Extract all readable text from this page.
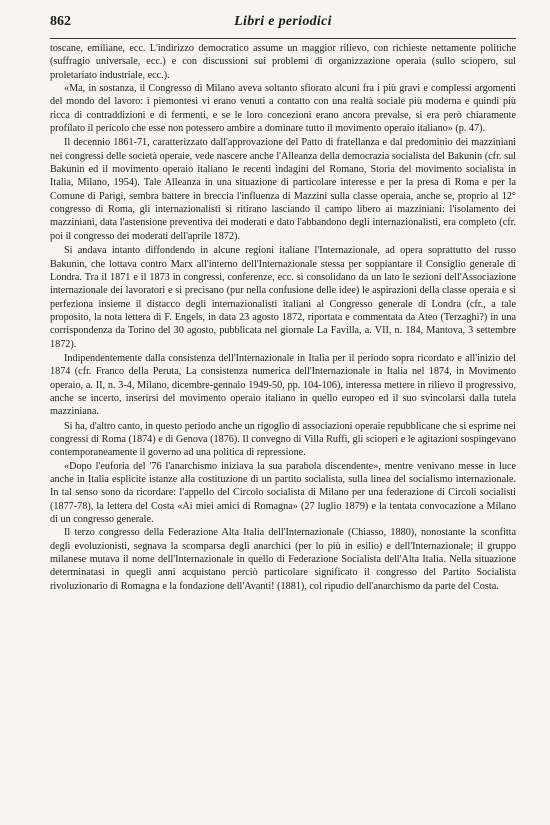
862	Libri e periodici

toscane, emiliane, ecc. L'indirizzo democratico assume un maggior rilievo, con richieste nettamente politiche (suffragio universale, ecc.) e con discussioni sui problemi di organizzazione operaia (sullo sciopero, sul proletariato industriale, ecc.).

«Ma, in sostanza, il Congresso di Milano aveva soltanto sfiorato alcuni fra i più gravi e complessi argomenti del mondo del lavoro: i piemontesi vi erano venuti a contatto con una realtà sociale più moderna e quindi più ricca di contraddizioni e di fermenti, e se le loro concezioni erano ancora prevalse, si era però chiaramente profilato il pericolo che esse non potessero ambire a dominare tutto il movimento operaio italiano» (p. 47).

Il decennio 1861-71, caratterizzato dall'approvazione del Patto di fratellanza e dal predominio dei mazziniani nei congressi delle società operaie, vede nascere anche l'Alleanza della democrazia socialista del Bakunin (cfr. sul Bakunin ed il movimento operaio italiano le recenti indagini del Romano, Storia del movimento socialista in Italia, Milano, 1954). Tale Alleanza in una situazione di particolare interesse e per la presa di Roma e per la Comune di Parigi, sembra battere in breccia l'influenza di Mazzini sulla classe operaia, anche se, proprio al 12° congresso di Roma, gli internazionalisti si ritirano lasciando il campo libero ai mazziniani: l'isolamento dei mazziniani, data l'astensione preventiva dei moderati e dato l'abbandono degli internazionalisti, era completo (cfr. poi il congresso dei moderati dell'aprile 1872).

Si andava intanto diffondendo in alcune regioni italiane l'Internazionale, ad opera soprattutto del russo Bakunin, che lottava contro Marx all'interno dell'Internazionale stessa per soppiantare il Consiglio generale di Londra. Tra il 1871 e il 1873 in congressi, conferenze, ecc. si consolidano da un lato le sezioni dell'Associazione internazionale dei lavoratori e si precisano (pur nella confusione delle idee) le aspirazioni della classe operaia e si perfeziona insieme il distacco degli internazionalisti italiani al Congresso generale di Londra (cfr., a tale proposito, la nota lettera di F. Engels, in data 23 agosto 1872, riportata e commentata da Ateo (Terzaghi?) in una corrispondenza da Torino del 30 agosto, pubblicata nel giornale La Favilla, a. VII, n. 184, Mantova, 3 settembre 1872).

Indipendentemente dalla consistenza dell'Internazionale in Italia per il periodo sopra ricordato e all'inizio del 1874 (cfr. Franco della Peruta, La consistenza numerica dell'Internazionale in Italia nel 1874, in Movimento operaio, a. II, n. 3-4, Milano, dicembre-gennaio 1949-50, pp. 104-106), interessa mettere in rilievo il progressivo, anche se incerto, inserirsi del movimento operaio italiano in quello europeo ed il suo svincolarsi dalla tutela mazziniana.

Si ha, d'altro canto, in questo periodo anche un rigoglio di associazioni operaie repubblicane che si esprime nei congressi di Roma (1874) e di Genova (1876). Il convegno di Villa Ruffi, gli scioperi e le agitazioni sospingevano contemporaneamente il governo ad una politica di repressione.

«Dopo l'euforia del '76 l'anarchismo iniziava la sua parabola discendente», mentre venivano messe in luce anche in Italia esplicite istanze alla costituzione di un partito socialista, sulla linea del socialismo internazionale. In tal senso sono da ricordare: l'appello del Circolo socialista di Milano per una federazione di Circoli socialisti (1877-78), la lettera del Costa «Ai miei amici di Romagna» (27 luglio 1879) e la tentata convocazione a Milano di un congresso generale.

Il terzo congresso della Federazione Alta Italia dell'Internazionale (Chiasso, 1880), nonostante la sconfitta degli evoluzionisti, segnava la scomparsa degli anarchici (per lo più in esilio) e dell'Internazionale; il gruppo milanese mutava il nome dell'Internazionale in quello di Federazione Socialista dell'Alta Italia. Nella situazione determinatasi in quegli anni acquistano perciò particolare significato il congresso del Partito Socialista rivoluzionario di Romagna e la fondazione dell'Avanti! (1881), col ripudio dell'anarchismo da parte del Costa.
